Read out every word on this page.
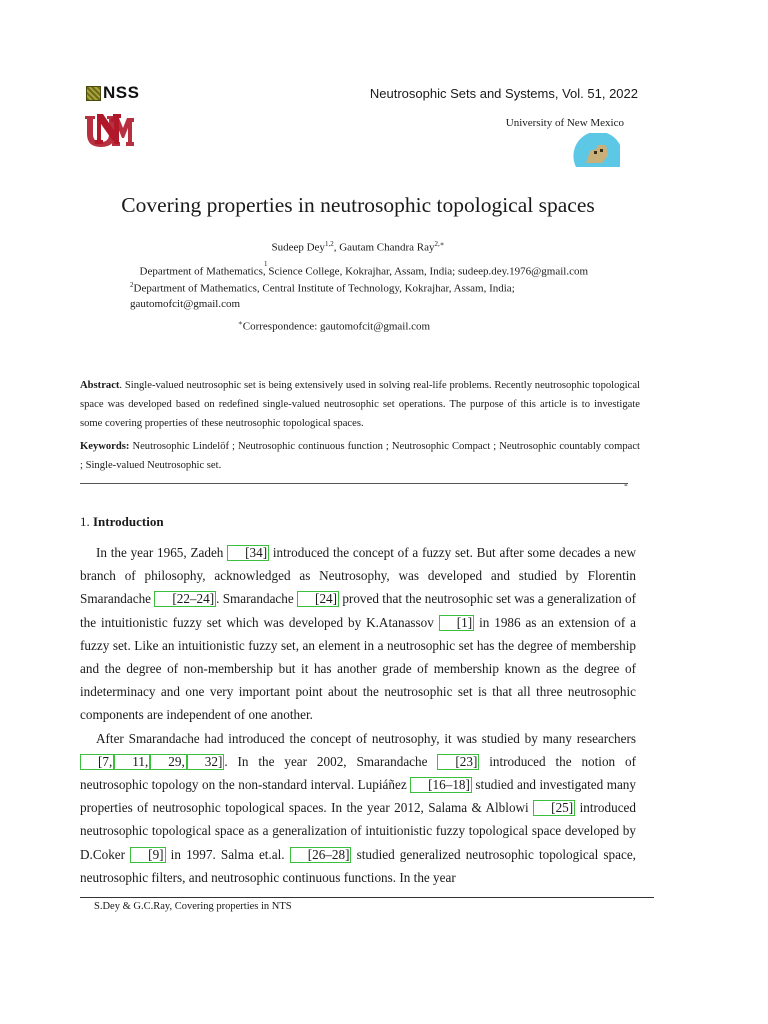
NSS	Neutrosophic Sets and Systems, Vol. 51, 2022
University of New Mexico
Covering properties in neutrosophic topological spaces
Sudeep Dey$^{1,2}$, Gautam Chandra Ray$^{2,∗}$
$^1$Department of Mathematics, Science College, Kokrajhar, Assam, India; sudeep.dey.1976@gmail.com
$^2$Department of Mathematics, Central Institute of Technology, Kokrajhar, Assam, India;
gautomofcit@gmail.com
∗Correspondence: gautomofcit@gmail.com
Abstract. Single-valued neutrosophic set is being extensively used in solving real-life problems. Recently neutrosophic topological space was developed based on redefined single-valued neutrosophic set operations. The purpose of this article is to investigate some covering properties of these neutrosophic topological spaces.
Keywords: Neutrosophic Lindelöf ; Neutrosophic continuous function ; Neutrosophic Compact ; Neutrosophic countably compact ; Single-valued Neutrosophic set.
-
1. Introduction

In the year 1965, Zadeh [34] introduced the concept of a fuzzy set. But after some decades a new branch of philosophy, acknowledged as Neutrosophy, was developed and studied by Florentin Smarandache [22–24] . Smarandache [24] proved that the neutrosophic set was a generalization of the intuitionistic fuzzy set which was developed by K.Atanassov [1] in 1986 as an extension of a fuzzy set. Like an intuitionistic fuzzy set, an element in a neutrosophic set has the degree of membership and the degree of non-membership but it has another grade of membership known as the degree of indeterminacy and one very important point about the neutrosophic set is that all three neutrosophic components are independent of one another.

After Smarandache had introduced the concept of neutrosophy, it was studied by many researchers [7, 11, 29, 32] . In the year 2002, Smarandache [23] introduced the notion of neutrosophic topology on the non-standard interval. Lupiáñez [16–18] studied and investigated many properties of neutrosophic topological spaces. In the year 2012, Salama & Alblowi [25] introduced neutrosophic topological space as a generalization of intuitionistic fuzzy topological space developed by D.Coker [9] in 1997. Salma et.al. [26–28] studied generalized neutrosophic topological space, neutrosophic filters, and neutrosophic continuous functions. In the year

S.Dey & G.C.Ray, Covering properties in NTS
